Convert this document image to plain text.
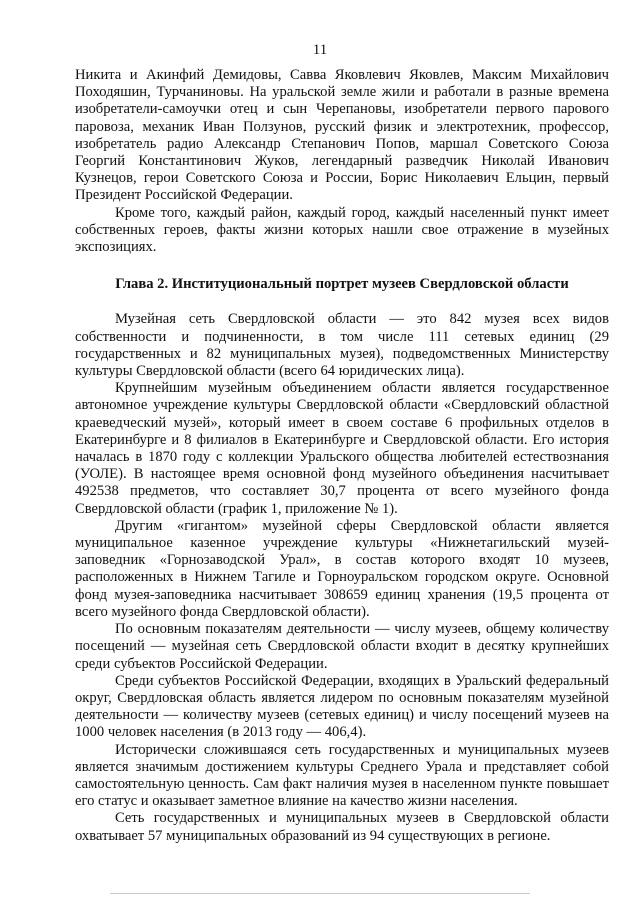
11

Никита и Акинфий Демидовы, Савва Яковлевич Яковлев, Максим Михайлович Походяшин, Турчаниновы. На уральской земле жили и работали в разные времена изобретатели-самоучки отец и сын Черепановы, изобретатели первого парового паровоза, механик Иван Ползунов, русский физик и электротехник, профессор, изобретатель радио Александр Степанович Попов, маршал Советского Союза Георгий Константинович Жуков, легендарный разведчик Николай Иванович Кузнецов, герои Советского Союза и России, Борис Николаевич Ельцин, первый Президент Российской Федерации.

Кроме того, каждый район, каждый город, каждый населенный пункт имеет собственных героев, факты жизни которых нашли свое отражение в музейных экспозициях.

Глава 2. Институциональный портрет музеев Свердловской области

Музейная сеть Свердловской области — это 842 музея всех видов собственности и подчиненности, в том числе 111 сетевых единиц (29 государственных и 82 муниципальных музея), подведомственных Министерству культуры Свердловской области (всего 64 юридических лица).

Крупнейшим музейным объединением области является государственное автономное учреждение культуры Свердловской области «Свердловский областной краеведческий музей», который имеет в своем составе 6 профильных отделов в Екатеринбурге и 8 филиалов в Екатеринбурге и Свердловской области. Его история началась в 1870 году с коллекции Уральского общества любителей естествознания (УОЛЕ). В настоящее время основной фонд музейного объединения насчитывает 492538 предметов, что составляет 30,7 процента от всего музейного фонда Свердловской области (график 1, приложение № 1).

Другим «гигантом» музейной сферы Свердловской области является муниципальное казенное учреждение культуры «Нижнетагильский музей-заповедник «Горнозаводской Урал», в состав которого входят 10 музеев, расположенных в Нижнем Тагиле и Горноуральском городском округе. Основной фонд музея-заповедника насчитывает 308659 единиц хранения (19,5 процента от всего музейного фонда Свердловской области).

По основным показателям деятельности — числу музеев, общему количеству посещений — музейная сеть Свердловской области входит в десятку крупнейших среди субъектов Российской Федерации.

Среди субъектов Российской Федерации, входящих в Уральский федеральный округ, Свердловская область является лидером по основным показателям музейной деятельности — количеству музеев (сетевых единиц) и числу посещений музеев на 1000 человек населения (в 2013 году — 406,4).

Исторически сложившаяся сеть государственных и муниципальных музеев является значимым достижением культуры Среднего Урала и представляет собой самостоятельную ценность. Сам факт наличия музея в населенном пункте повышает его статус и оказывает заметное влияние на качество жизни населения.

Сеть государственных и муниципальных музеев в Свердловской области охватывает 57 муниципальных образований из 94 существующих в регионе.
